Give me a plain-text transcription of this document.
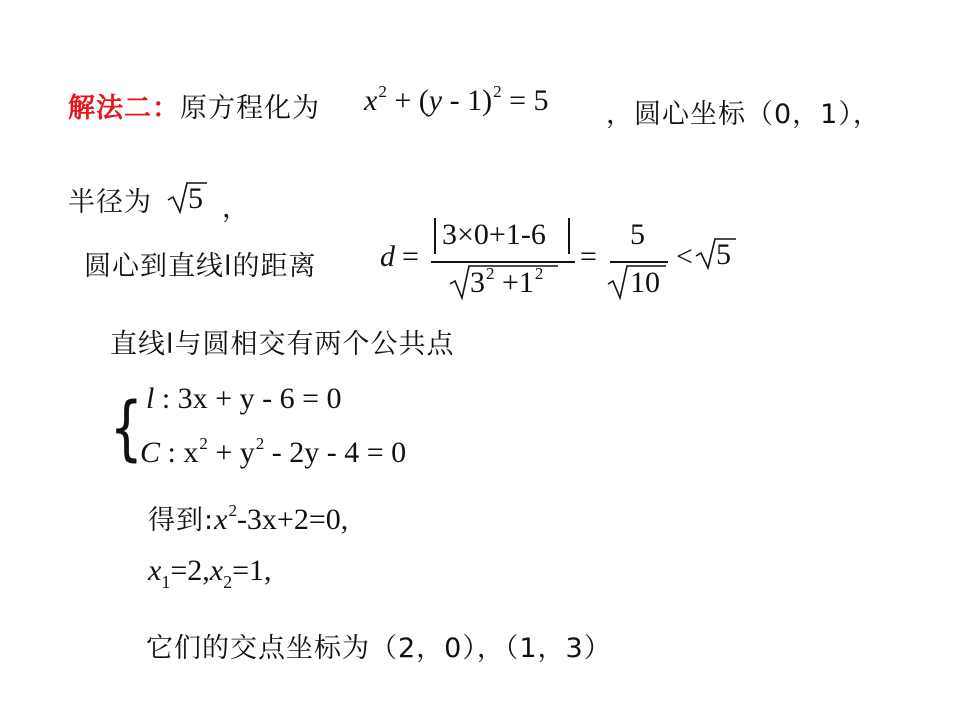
解法二：原方程化为 $x^2 + (y - 1)^2 = 5$ ，圆心坐标（0，1），
半径为 5 ，
圆心到直线l的距离 d =
3×0+1-6
$3^2 +1^2$
=
5
10
< 5
直线l与圆相交有两个公共点
{ l : 3x + y - 6 = 0
C : $x^2 + y^2 - 2y - 4 = 0$
得到:x2-3x+2=0,
$x_1=2,x_2=1$,
它们的交点坐标为（2，0），（1，3）
